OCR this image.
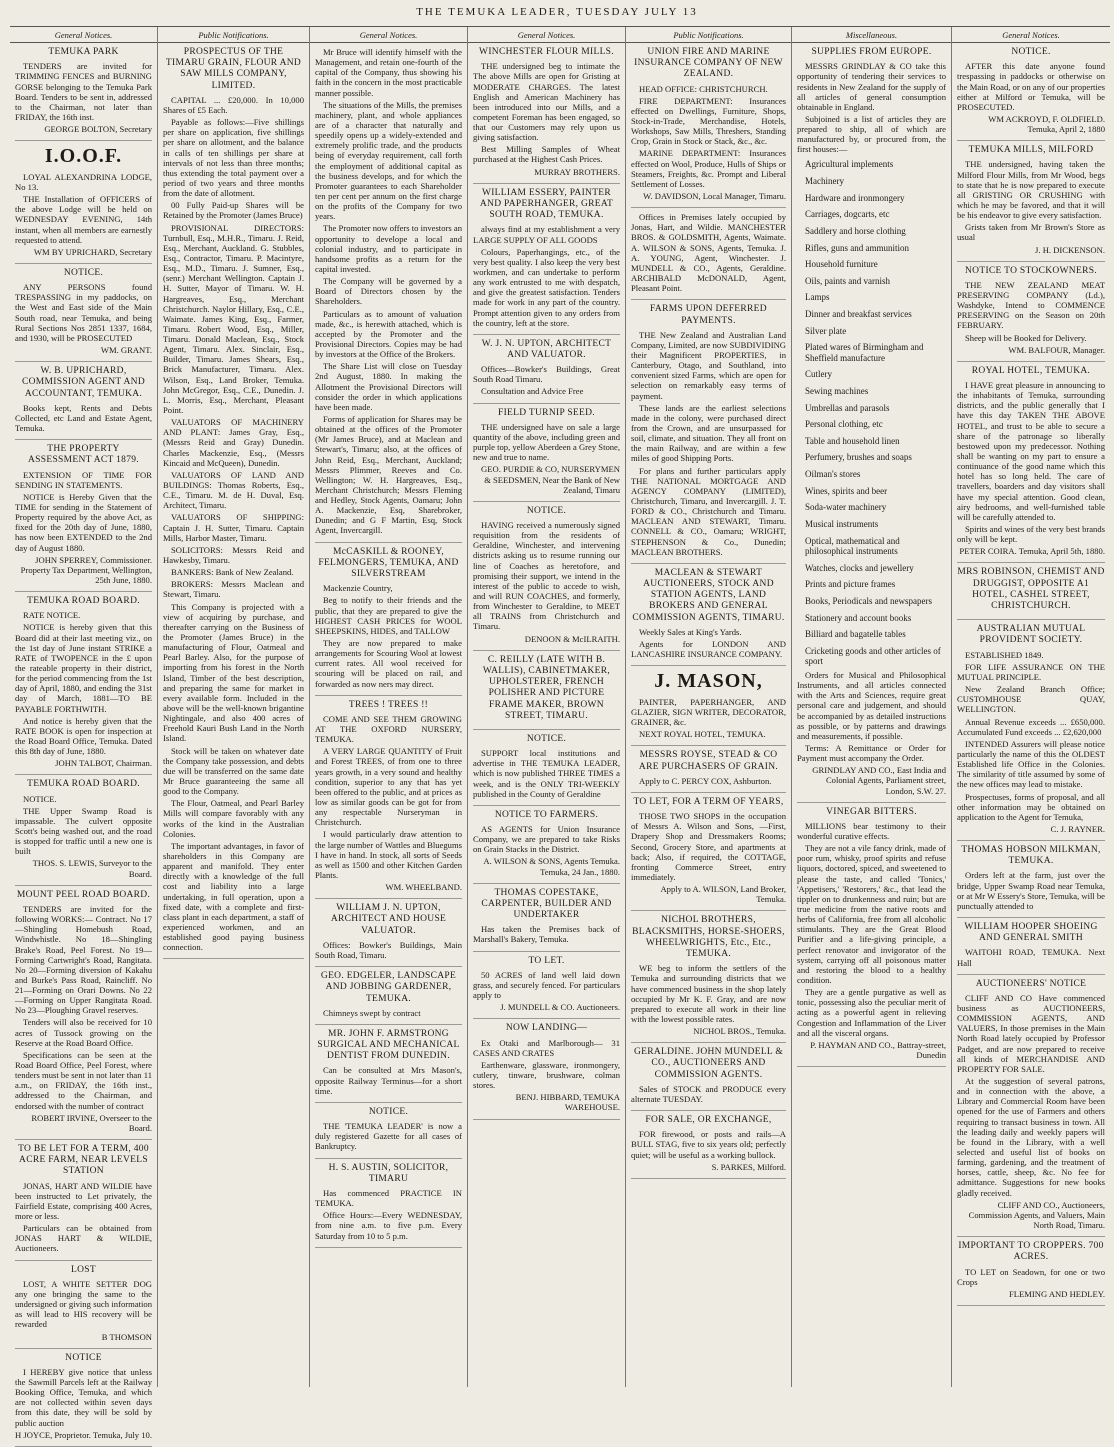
THE TEMUKA LEADER, TUESDAY JULY 13
General Notices.
TEMUKA PARK

TENDERS are invited for TRIMMING FENCES and BURNING GORSE belonging to the Temuka Park Board. Tenders to be sent in, addressed to the Chairman, not later than FRIDAY, the 16th inst.

GEORGE BOLTON, Secretary
I.O.O.F.

LOYAL ALEXANDRINA LODGE, No 13.

THE Installation of OFFICERS of the above Lodge will be held on WEDNESDAY EVENING, 14th instant, when all members are earnestly requested to attend.

WM BY UPRICHARD, Secretary
NOTICE.

ANY PERSONS found TRESPASSING in my paddocks, on the West and East side of the Main South road, near Temuka, and being Rural Sections Nos 2851 1337, 1684, and 1930, will be PROSECUTED

WM. GRANT.
W. B. UPRICHARD, COMMISSION AGENT AND ACCOUNTANT, TEMUKA.

Books kept, Rents and Debts Collected, etc Land and Estate Agent, Temuka.

THE PROPERTY ASSESSMENT ACT 1879.

EXTENSION OF TIME FOR SENDING IN STATEMENTS.

NOTICE is Hereby Given that the TIME for sending in the Statement of Property required by the above Act, as fixed for the 20th day of June, 1880, has now been EXTENDED to the 2nd day of August 1880.

JOHN SPERREY, Commissioner. Property Tax Department, Wellington, 25th June, 1880.
TEMUKA ROAD BOARD.

RATE NOTICE.

NOTICE is hereby given that this Board did at their last meeting viz., on the 1st day of June instant STRIKE a RATE of TWOPENCE in the £ upon the rateable property in their district, for the period commencing from the 1st day of April, 1880, and ending the 31st day of March, 1881—TO BE PAYABLE FORTHWITH.

And notice is hereby given that the RATE BOOK is open for inspection at the Road Board Office, Temuka. Dated this 8th day of June, 1880.

JOHN TALBOT, Chairman.
TEMUKA ROAD BOARD.

NOTICE.

THE Upper Swamp Road is impassable. The culvert opposite Scott's being washed out, and the road is stopped for traffic until a new one is built

THOS. S. LEWIS, Surveyor to the Board.
MOUNT PEEL ROAD BOARD.

TENDERS are invited for the following WORKS:— Contract. No 17—Shingling Homebush Road, Windwhistle. No 18—Shingling Brake's Road, Peel Forest. No 19—Forming Cartwright's Road, Rangitata. No 20—Forming diversion of Kakahu and Burke's Pass Road, Raincliff. No 21—Forming on Orari Downs. No 22—Forming on Upper Rangitata Road. No 23—Ploughing Gravel reserves.

Tenders will also be received for 10 acres of Tussock growing on the Reserve at the Road Board Office.

Specifications can be seen at the Road Board Office, Peel Forest, where tenders must be sent in not later than 11 a.m., on FRIDAY, the 16th inst., addressed to the Chairman, and endorsed with the number of contract

ROBERT IRVINE, Overseer to the Board.
TO BE LET FOR A TERM, 400 ACRE FARM, NEAR LEVELS STATION

JONAS, HART AND WILDIE have been instructed to Let privately, the Fairfield Estate, comprising 400 Acres, more or less.

Particulars can be obtained from JONAS HART & WILDIE, Auctioneers.

LOST

LOST, A WHITE SETTER DOG any one bringing the same to the undersigned or giving such information as will lead to HIS recovery will be rewarded

B THOMSON
NOTICE

I HEREBY give notice that unless the Sawmill Parcels left at the Railway Booking Office, Temuka, and which are not collected within seven days from this date, they will be sold by public auction

H JOYCE, Proprietor. Temuka, July 10.
Public Notifications.
PROSPECTUS OF THE TIMARU GRAIN, FLOUR AND SAW MILLS COMPANY, LIMITED.

CAPITAL ... £20,000. In 10,000 Shares of £5 Each.

Payable as follows:—Five shillings per share on application, five shillings per share on allotment, and the balance in calls of ten shillings per share at intervals of not less than three months; thus extending the total payment over a period of two years and three months from the date of allotment.

00 Fully Paid-up Shares will be Retained by the Promoter (James Bruce)

PROVISIONAL DIRECTORS: Turnbull, Esq., M.H.R., Timaru. J. Reid, Esq., Merchant, Auckland. G. Stubbles, Esq., Contractor, Timaru. P. Macintyre, Esq., M.D., Timaru. J. Sumner, Esq., (senr.) Merchant Wellington. Captain J. H. Sutter, Mayor of Timaru. W. H. Hargreaves, Esq., Merchant Christchurch. Naylor Hillary, Esq., C.E., Waimate. James King, Esq., Farmer, Timaru. Robert Wood, Esq., Miller, Timaru. Donald Maclean, Esq., Stock Agent, Timaru. Alex. Sinclair, Esq., Builder, Timaru. James Shears, Esq., Brick Manufacturer, Timaru. Alex. Wilson, Esq., Land Broker, Temuka. John McGregor, Esq., C.E., Dunedin. J. L. Morris, Esq., Merchant, Pleasant Point.

VALUATORS OF MACHINERY AND PLANT: James Gray, Esq., (Messrs Reid and Gray) Dunedin. Charles Mackenzie, Esq., (Messrs Kincaid and McQueen), Dunedin.

VALUATORS OF LAND AND BUILDINGS: Thomas Roberts, Esq., C.E., Timaru. M. de H. Duval, Esq. Architect, Timaru.

VALUATORS OF SHIPPING: Captain J. H. Sutter, Timaru. Captain Mills, Harbor Master, Timaru.

SOLICITORS: Messrs Reid and Hawkesby, Timaru.

BANKERS: Bank of New Zealand.

BROKERS: Messrs Maclean and Stewart, Timaru.

This Company is projected with a view of acquiring by purchase, and thereafter carrying on the Business of the Promoter (James Bruce) in the manufacturing of Flour, Oatmeal and Pearl Barley. Also, for the purpose of importing from his forest in the North Island, Timber of the best description, and preparing the same for market in every available form. Included in the above will be the well-known brigantine Nightingale, and also 400 acres of Freehold Kauri Bush Land in the North Island.

Stock will be taken on whatever date the Company take possession, and debts due will be transferred on the same date Mr Bruce guaranteeing the same all good to the Company.

The Flour, Oatmeal, and Pearl Barley Mills will compare favorably with any works of the kind in the Australian Colonies.

The important advantages, in favor of shareholders in this Company are apparent and manifold. They enter directly with a knowledge of the full cost and liability into a large undertaking, in full operation, upon a fixed date, with a complete and first-class plant in each department, a staff of experienced workmen, and an established good paying business connection.

General Notices.

Mr Bruce will identify himself with the Management, and retain one-fourth of the capital of the Company, thus showing his faith in the concern in the most practicable manner possible.

The situations of the Mills, the premises machinery, plant, and whole appliances are of a character that naturally and speedily opens up a widely-extended and extremely prolific trade, and the products being of everyday requirement, call forth the employment of additional capital as the business develops, and for which the Promoter guarantees to each Shareholder ten per cent per annum on the first charge on the profits of the Company for two years.

The Promoter now offers to investors an opportunity to develope a local and colonial industry, and to participate in handsome profits as a return for the capital invested.

The Company will be governed by a Board of Directors chosen by the Shareholders.

Particulars as to amount of valuation made, &c., is herewith attached, which is accepted by the Promoter and the Provisional Directors. Copies may be had by investors at the Office of the Brokers.

The Share List will close on Tuesday 2nd August, 1880. In making the Allotment the Provisional Directors will consider the order in which applications have been made.

Forms of application for Shares may be obtained at the offices of the Promoter (Mr James Bruce), and at Maclean and Stewart's, Timaru; also, at the offices of John Reid, Esq., Merchant, Auckland; Messrs Plimmer, Reeves and Co. Wellington; W. H. Hargreaves, Esq., Merchant Christchurch; Messrs Fleming and Hedley, Stock Agents, Oamaru; John A. Mackenzie, Esq, Sharebroker, Dunedin; and G F Martin, Esq, Stock Agent, Invercargill.

McCASKILL & ROONEY, FELMONGERS, TEMUKA, AND SILVERSTREAM

Mackenzie Country,

Beg to notify to their friends and the public, that they are prepared to give the HIGHEST CASH PRICES for WOOL SHEEPSKINS, HIDES, and TALLOW

They are now prepared to make arrangements for Scouring Wool at lowest current rates. All wool received for scouring will be placed on rail, and forwarded as now ners may direct.

TREES ! TREES !!

COME AND SEE THEM GROWING AT THE OXFORD NURSERY, TEMUKA.

A VERY LARGE QUANTITY of Fruit and Forest TREES, of from one to three years growth, in a very sound and healthy condition, superior to any that has yet been offered to the public, and at prices as low as similar goods can be got for from any respectable Nurseryman in Christchurch.

I would particularly draw attention to the large number of Wattles and Bluegums I have in hand. In stock, all sorts of Seeds as well as 1500 and other Kitchen Garden Plants.

WM. WHEELBAND.
WILLIAM J. N. UPTON, ARCHITECT AND HOUSE VALUATOR.

Offices: Bowker's Buildings, Main South Road, Timaru.

GEO. EDGELER, LANDSCAPE AND JOBBING GARDENER, TEMUKA.

Chimneys swept by contract

MR. JOHN F. ARMSTRONG SURGICAL AND MECHANICAL DENTIST FROM DUNEDIN.

Can be consulted at Mrs Mason's, opposite Railway Terminus—for a short time.

NOTICE.

THE 'TEMUKA LEADER' is now a duly registered Gazette for all cases of Bankruptcy.

H. S. AUSTIN, SOLICITOR, TIMARU

Has commenced PRACTICE IN TEMUKA.

Office Hours:—Every WEDNESDAY, from nine a.m. to five p.m. Every Saturday from 10 to 5 p.m.

General Notices.
WINCHESTER FLOUR MILLS.

THE undersigned beg to intimate the The above Mills are open for Gristing at MODERATE CHARGES. The latest English and American Machinery has been introduced into our Mills, and a competent Foreman has been engaged, so that our Customers may rely upon us giving satisfaction.

Best Milling Samples of Wheat purchased at the Highest Cash Prices.

MURRAY BROTHERS.
WILLIAM ESSERY, PAINTER AND PAPERHANGER, GREAT SOUTH ROAD, TEMUKA.

always find at my establishment a very LARGE SUPPLY OF ALL GOODS

Colours, Paperhangings, etc., of the very best quality. I also keep the very best workmen, and can undertake to perform any work entrusted to me with despatch, and give the greatest satisfaction. Tenders made for work in any part of the country. Prompt attention given to any orders from the country, left at the store.

W. J. N. UPTON, ARCHITECT AND VALUATOR.

Offices—Bowker's Buildings, Great South Road Timaru.

Consultation and Advice Free

FIELD TURNIP SEED.

THE undersigned have on sale a large quantity of the above, including green and purple top, yellow Aberdeen a Grey Stone, new and true to name.

GEO. PURDIE & CO, NURSERYMEN & SEEDSMEN, Near the Bank of New Zealand, Timaru
NOTICE.

HAVING received a numerously signed requisition from the residents of Geraldine, Winchester, and intervening districts asking us to resume running our line of Coaches as heretofore, and promising their support, we intend in the interest of the public to accede to wish, and will RUN COACHES, and formerly, from Winchester to Geraldine, to MEET all TRAINS from Christchurch and Timaru.

DENOON & McILRAITH.
C. REILLY (LATE WITH B. WALLIS), CABINETMAKER, UPHOLSTERER, FRENCH POLISHER AND PICTURE FRAME MAKER, BROWN STREET, TIMARU.
NOTICE.

SUPPORT local institutions and advertise in THE TEMUKA LEADER, which is now published THREE TIMES a week, and is the ONLY TRI-WEEKLY published in the County of Geraldine

NOTICE TO FARMERS.

AS AGENTS for Union Insurance Company, we are prepared to take Risks on Grain Stacks in the District.

A. WILSON & SONS, Agents Temuka. Temuka, 24 Jan., 1880.
THOMAS COPESTAKE, CARPENTER, BUILDER AND UNDERTAKER

Has taken the Premises back of Marshall's Bakery, Temuka.

TO LET.

50 ACRES of land well laid down grass, and securely fenced. For particulars apply to

J. MUNDELL & CO. Auctioneers.
NOW LANDING—

Ex Otaki and Marlborough— 31 CASES AND CRATES

Earthenware, glassware, ironmongery, cutlery, tinware, brushware, colman stores.

BENJ. HIBBARD, TEMUKA WAREHOUSE.
Public Notifications.
UNION FIRE AND MARINE INSURANCE COMPANY OF NEW ZEALAND.

HEAD OFFICE: CHRISTCHURCH.

FIRE DEPARTMENT: Insurances effected on Dwellings, Furniture, Shops, Stock-in-Trade, Merchandise, Hotels, Workshops, Saw Mills, Threshers, Standing Crop, Grain in Stock or Stack, &c., &c.

MARINE DEPARTMENT: Insurances effected on Wool, Produce, Hulls of Ships or Steamers, Freights, &c. Prompt and Liberal Settlement of Losses.

W. DAVIDSON, Local Manager, Timaru.

Offices in Premises lately occupied by Jonas, Hart, and Wildie. MANCHESTER BROS. & GOLDSMITH, Agents, Waimate. A. WILSON & SONS, Agents, Temuka. J. A. YOUNG, Agent, Winchester. J. MUNDELL & CO., Agents, Geraldine. ARCHIBALD McDONALD, Agent, Pleasant Point.

FARMS UPON DEFERRED PAYMENTS.

THE New Zealand and Australian Land Company, Limited, are now SUBDIVIDING their Magnificent PROPERTIES, in Canterbury, Otago, and Southland, into convenient sized Farms, which are open for selection on remarkably easy terms of payment.

These lands are the earliest selections made in the colony, were purchased direct from the Crown, and are unsurpassed for soil, climate, and situation. They all front on the main Railway, and are within a few miles of good Shipping Ports.

For plans and further particulars apply THE NATIONAL MORTGAGE AND AGENCY COMPANY (LIMITED), Christchurch, Timaru, and Invercargill. J. T. FORD & CO., Christchurch and Timaru. MACLEAN AND STEWART, Timaru. CONNELL & CO., Oamaru; WRIGHT, STEPHENSON & Co., Dunedin; MACLEAN BROTHERS.

MACLEAN & STEWART AUCTIONEERS, STOCK AND STATION AGENTS, LAND BROKERS AND GENERAL COMMISSION AGENTS, TIMARU.

Weekly Sales at King's Yards.

Agents for LONDON AND LANCASHIRE INSURANCE COMPANY.

J. MASON,

PAINTER, PAPERHANGER, AND GLAZIER, SIGN WRITER, DECORATOR, GRAINER, &c.

NEXT ROYAL HOTEL, TEMUKA.

MESSRS ROYSE, STEAD & CO ARE PURCHASERS OF GRAIN.

Apply to C. PERCY COX, Ashburton.

TO LET, FOR A TERM OF YEARS,

THOSE TWO SHOPS in the occupation of Messrs A. Wilson and Sons, —First, Drapery Shop and Dressmakers Rooms; Second, Grocery Store, and apartments at back; Also, if required, the COTTAGE, fronting Commerce Street, entry immediately.

Apply to A. WILSON, Land Broker, Temuka.
NICHOL BROTHERS, BLACKSMITHS, HORSE-SHOERS, WHEELWRIGHTS, Etc., Etc., TEMUKA.

WE beg to inform the settlers of the Temuka and surrounding districts that we have commenced business in the shop lately occupied by Mr K. F. Gray, and are now prepared to execute all work in their line with the lowest possible rates.

NICHOL BROS., Temuka.
GERALDINE. JOHN MUNDELL & CO., AUCTIONEERS AND COMMISSION AGENTS.

Sales of STOCK and PRODUCE every alternate TUESDAY.

FOR SALE, OR EXCHANGE,

FOR firewood, or posts and rails—A BULL STAG, five to six years old; perfectly quiet; will be useful as a working bullock.

S. PARKES, Milford.
Miscellaneous.
SUPPLIES FROM EUROPE.

MESSRS GRINDLAY & CO take this opportunity of tendering their services to residents in New Zealand for the supply of all articles of general consumption obtainable in England.

Subjoined is a list of articles they are prepared to ship, all of which are manufactured by, or procured from, the first houses:—

Agricultural implements
Machinery
Hardware and ironmongery
Carriages, dogcarts, etc
Saddlery and horse clothing
Rifles, guns and ammunition
Household furniture
Oils, paints and varnish
Lamps
Dinner and breakfast services
Silver plate
Plated wares of Birmingham and Sheffield manufacture
Cutlery
Sewing machines
Umbrellas and parasols
Personal clothing, etc
Table and household linen
Perfumery, brushes and soaps
Oilman's stores
Wines, spirits and beer
Soda-water machinery
Musical instruments
Optical, mathematical and philosophical instruments
Watches, clocks and jewellery
Prints and picture frames
Books, Periodicals and newspapers
Stationery and account books
Billiard and bagatelle tables
Cricketing goods and other articles of sport

Orders for Musical and Philosophical Instruments, and all articles connected with the Arts and Sciences, require great personal care and judgement, and should be accompanied by as detailed instructions as possible, or by patterns and drawings and measurements, if possible.

Terms: A Remittance or Order for Payment must accompany the Order.

GRINDLAY AND CO., East India and Colonial Agents, Parliament street, London, S.W. 27.
VINEGAR BITTERS.

MILLIONS bear testimony to their wonderful curative effects.

They are not a vile fancy drink, made of poor rum, whisky, proof spirits and refuse liquors, doctored, spiced, and sweetened to please the taste, and called 'Tonics,' 'Appetisers,' 'Restorers,' &c., that lead the tippler on to drunkenness and ruin; but are true medicine from the native roots and herbs of California, free from all alcoholic stimulants. They are the Great Blood Purifier and a life-giving principle, a perfect renovator and invigorator of the system, carrying off all poisonous matter and restoring the blood to a healthy condition.

They are a gentle purgative as well as tonic, possessing also the peculiar merit of acting as a powerful agent in relieving Congestion and Inflammation of the Liver and all the visceral organs.

P. HAYMAN AND CO., Battray-street, Dunedin
General Notices.
NOTICE.

AFTER this date anyone found trespassing in paddocks or otherwise on the Main Road, or on any of our properties either at Milford or Temuka, will be PROSECUTED.

WM ACKROYD, F. OLDFIELD. Temuka, April 2, 1880
TEMUKA MILLS, MILFORD

THE undersigned, having taken the Milford Flour Mills, from Mr Wood, begs to state that he is now prepared to execute all GRISTING OR CRUSHING with which he may be favored, and that it will be his endeavor to give every satisfaction.

Grists taken from Mr Brown's Store as usual

J. H. DICKENSON.
NOTICE TO STOCKOWNERS.

THE NEW ZEALAND MEAT PRESERVING COMPANY (Ld.), Washdyke, Intend to COMMENCE PRESERVING on the Season on 20th FEBRUARY.

Sheep will be Booked for Delivery.

WM. BALFOUR, Manager.
ROYAL HOTEL, TEMUKA.

I HAVE great pleasure in announcing to the inhabitants of Temuka, surrounding districts, and the public generally that I have this day TAKEN THE ABOVE HOTEL, and trust to be able to secure a share of the patronage so liberally bestowed upon my predecessor. Nothing shall be wanting on my part to ensure a continuance of the good name which this hotel has so long held. The care of travellers, boarders and day visitors shall have my special attention. Good clean, airy bedrooms, and well-furnished table will be carefully attended to.

Spirits and wines of the very best brands only will be kept.

PETER COIRA. Temuka, April 5th, 1880.
MRS ROBINSON, CHEMIST AND DRUGGIST, OPPOSITE A1 HOTEL, CASHEL STREET, CHRISTCHURCH.
AUSTRALIAN MUTUAL PROVIDENT SOCIETY.

ESTABLISHED 1849.

FOR LIFE ASSURANCE ON THE MUTUAL PRINCIPLE.

New Zealand Branch Office; CUSTOMHOUSE QUAY, WELLINGTON.

Annual Revenue exceeds ... £650,000. Accumulated Fund exceeds ... £2,620,000

INTENDED Assurers will please notice particularly the name of this the OLDEST Established life Office in the Colonies. The similarity of title assumed by some of the new offices may lead to mistake.

Prospectuses, forms of proposal, and all other information may be obtained on application to the Agent for Temuka,

C. J. RAYNER.
THOMAS HOBSON MILKMAN, TEMUKA.

Orders left at the farm, just over the bridge, Upper Swamp Road near Temuka, or at Mr W Essery's Store, Temuka, will be punctually attended to

WILLIAM HOOPER SHOEING AND GENERAL SMITH

WAITOHI ROAD, TEMUKA. Next Hall

AUCTIONEERS' NOTICE

CLIFF AND CO Have commenced business as AUCTIONEERS, COMMISSION AGENTS, AND VALUERS, In those premises in the Main North Road lately occupied by Professor Padget, and are now prepared to receive all kinds of MERCHANDISE AND PROPERTY FOR SALE.

At the suggestion of several patrons, and in connection with the above, a Library and Commercial Room have been opened for the use of Farmers and others requiring to transact business in town. All the leading daily and weekly papers will be found in the Library, with a well selected and useful list of books on farming, gardening, and the treatment of horses, cattle, sheep, &c. No fee for admittance. Suggestions for new books gladly received.

CLIFF AND CO., Auctioneers, Commission Agents, and Valuers, Main North Road, Timaru.
IMPORTANT TO CROPPERS. 700 ACRES.

TO LET on Seadown, for one or two Crops

FLEMING AND HEDLEY.
